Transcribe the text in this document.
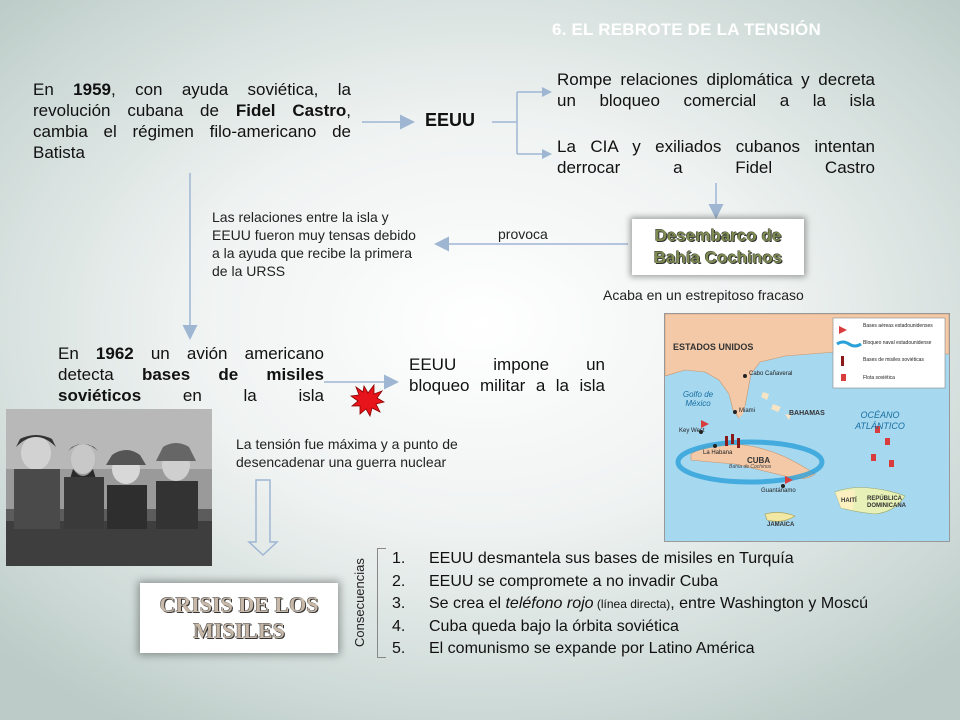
6. EL REBROTE DE LA TENSIÓN
En 1959, con ayuda soviética, la revolución cubana de Fidel Castro, cambia el régimen filo-americano de Batista
EEUU
Rompe relaciones diplomática y decreta un bloqueo comercial a la isla
La CIA y exiliados cubanos intentan derrocar a Fidel Castro
Las relaciones entre la isla y EEUU fueron muy tensas debido a la ayuda que recibe la primera de la URSS
provoca	Desembarco de Bahía Cochinos
Acaba en un estrepitoso fracaso
En 1962 un avión americano detecta bases de misiles soviéticos en la isla
EEUU impone un bloqueo militar a la isla
La tensión fue máxima y a punto de desencadenar una guerra nuclear
ESTADOS UNIDOS
Golfo de México
OCÉANO ATLÁNTICO
Cabo Cañaveral
Miami
Key West
La Habana
Guantánamo
BAHAMAS
CUBA
HAITÍ REPÚBLICA DOMINICANA
JAMAICA
Bahía de Cochinos
Bases aéreas estadounidenses
Bloqueo naval estadounidense
Bases de misiles soviéticas
Flota soviética
CRISIS DE LOS MISILES	Consecuencias
1. EEUU desmantela sus bases de misiles en Turquía
2. EEUU se compromete a no invadir Cuba
3. Se crea el teléfono rojo (línea directa), entre Washington y Moscú
4. Cuba queda bajo la órbita soviética
5. El comunismo se expande por Latino América
